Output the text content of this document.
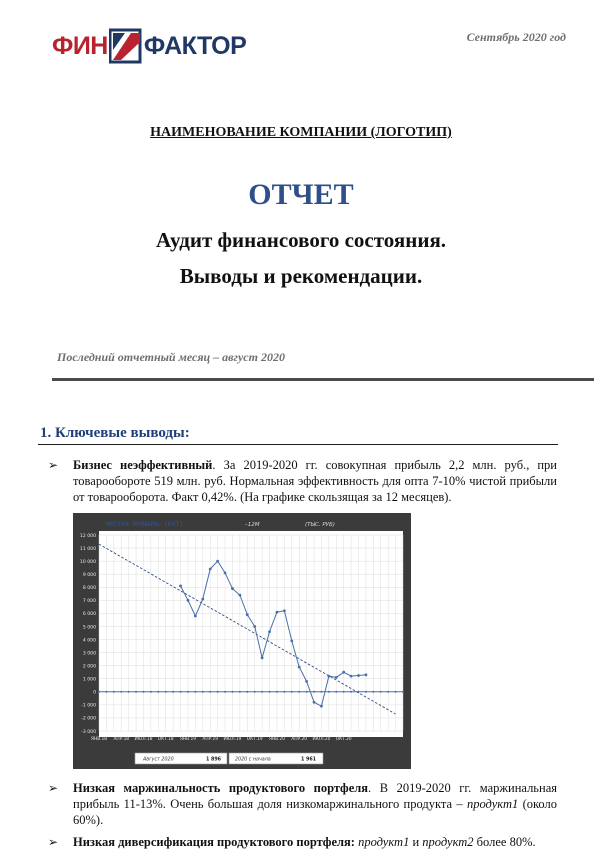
ФИН ФАКТОР	Сентябрь 2020 год
НАИМЕНОВАНИЕ КОМПАНИИ (ЛОГОТИП)
ОТЧЕТ
Аудит финансового состояния.
Выводы и рекомендации.
Последний отчетный месяц – август 2020
1. Ключевые выводы:
➢ Бизнес неэффективный. За 2019-2020 гг. совокупная прибыль 2,2 млн. руб., при товарообороте 519 млн. руб. Нормальная эффективность для опта 7-10% чистой прибыли от товарооборота. Факт 0,42%. (На графике скользящая за 12 месяцев).
ЧИСТАЯ ПРИБЫЛЬ (EAT)	–12М	(ТЫС. РУБ)
12 000
11 000
10 000
9 000
8 000
7 000
6 000
5 000
4 000
3 000
2 000
1 000
0
-1 000
-2 000
-3 000
ЯНВ.18 АПР.18 ИЮЛ.18 ОКТ.18 ЯНВ.19 АПР.19 ИЮЛ.19 ОКТ.19 ЯНВ.20 АПР.20 ИЮЛ.20 ОКТ.20
Август 2020	1 896	2020 с начала	1 961
➢ Низкая маржинальность продуктового портфеля. В 2019-2020 гг. маржинальная прибыль 11-13%. Очень большая доля низкомаржинального продукта – продукт1 (около 60%).
➢ Низкая диверсификация продуктового портфеля: продукт1 и продукт2 более 80%.
